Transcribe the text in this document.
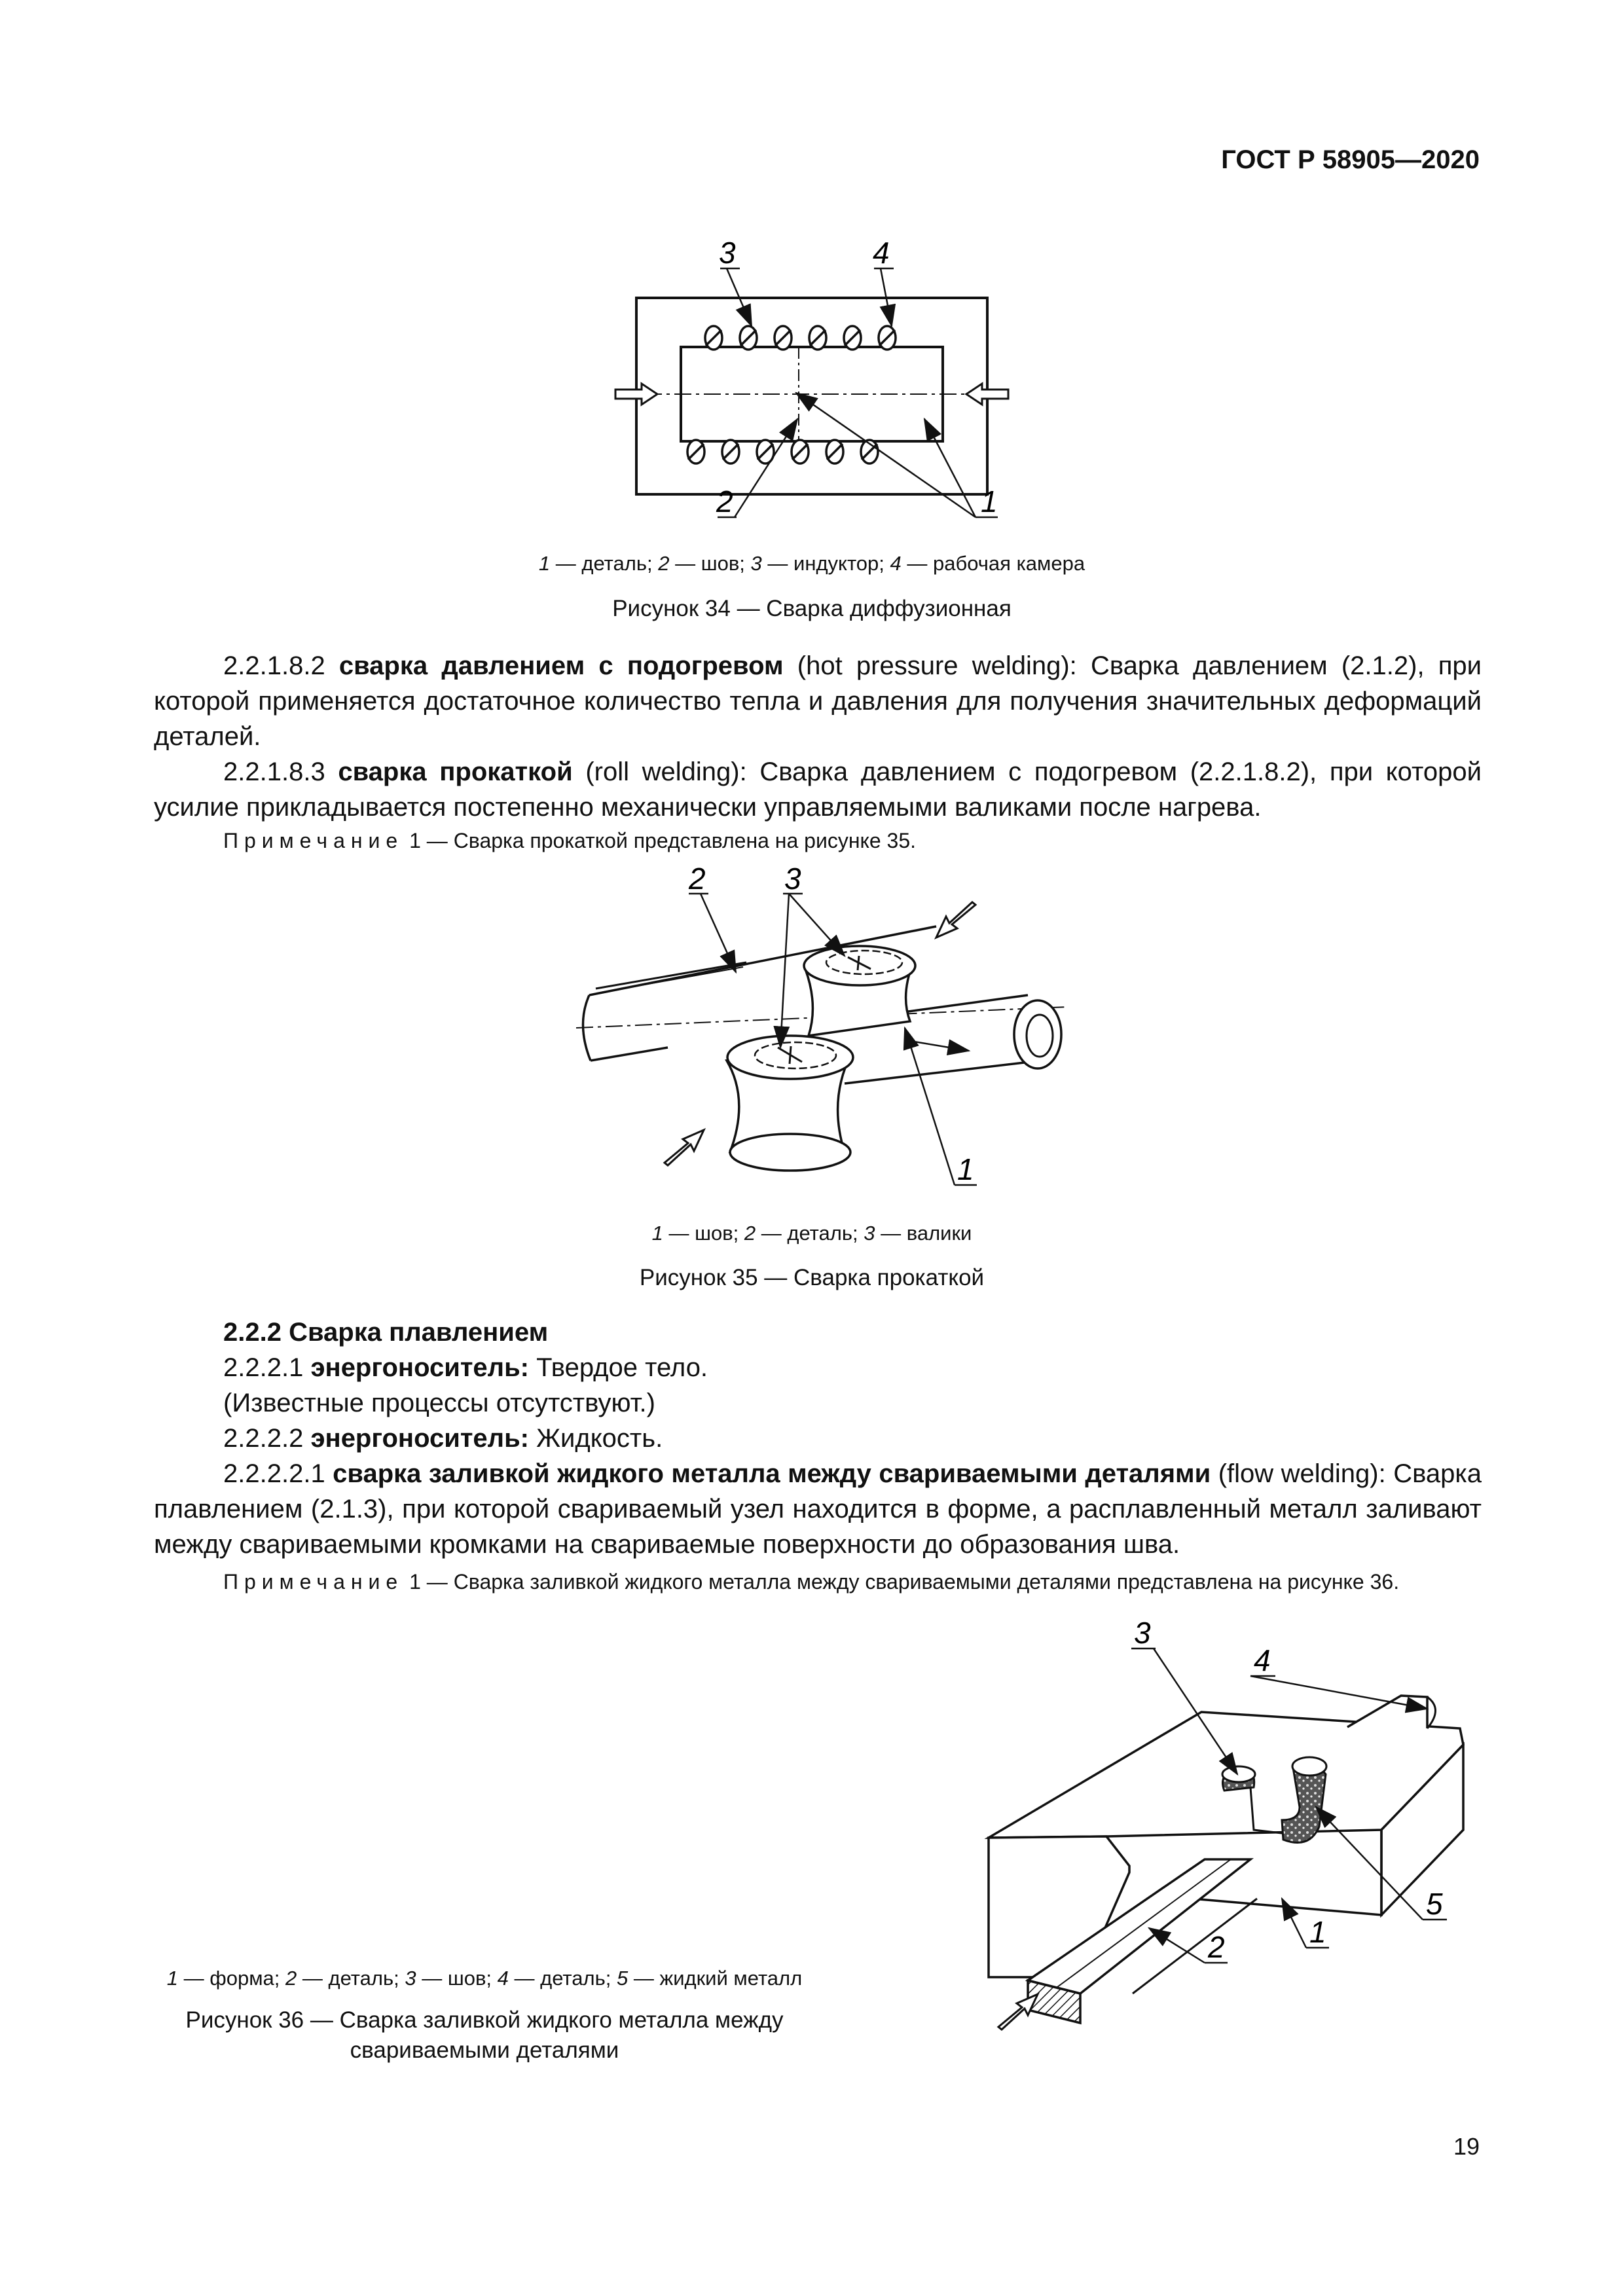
ГОСТ Р 58905—2020
3	4
2	1
1 — деталь; 2 — шов; 3 — индуктор; 4 — рабочая камера
Рисунок 34 — Сварка диффузионная
2.2.1.8.2 сварка давлением с подогревом (hot pressure welding): Сварка давлением (2.1.2), при которой применяется достаточное количество тепла и давления для получения значительных деформаций деталей.
2.2.1.8.3 сварка прокаткой (roll welding): Сварка давлением с подогревом (2.2.1.8.2), при которой усилие прикладывается постепенно механически управляемыми валиками после нагрева.
Примечание 1 — Сварка прокаткой представлена на рисунке 35.
2	3
1
1 — шов; 2 — деталь; 3 — валики
Рисунок 35 — Сварка прокаткой
2.2.2 Сварка плавлением
2.2.2.1 энергоноситель: Твердое тело.
(Известные процессы отсутствуют.)
2.2.2.2 энергоноситель: Жидкость.
2.2.2.2.1 сварка заливкой жидкого металла между свариваемыми деталями (flow welding): Сварка плавлением (2.1.3), при которой свариваемый узел находится в форме, а расплавленный металл заливают между свариваемыми кромками на свариваемые поверхности до образования шва.
Примечание 1 — Сварка заливкой жидкого металла между свариваемыми деталями представлена на рисунке 36.
3
4
5
1
2
1 — форма; 2 — деталь; 3 — шов; 4 — деталь; 5 — жидкий металл
Рисунок 36 — Сварка заливкой жидкого металла между
свариваемыми деталями
19
